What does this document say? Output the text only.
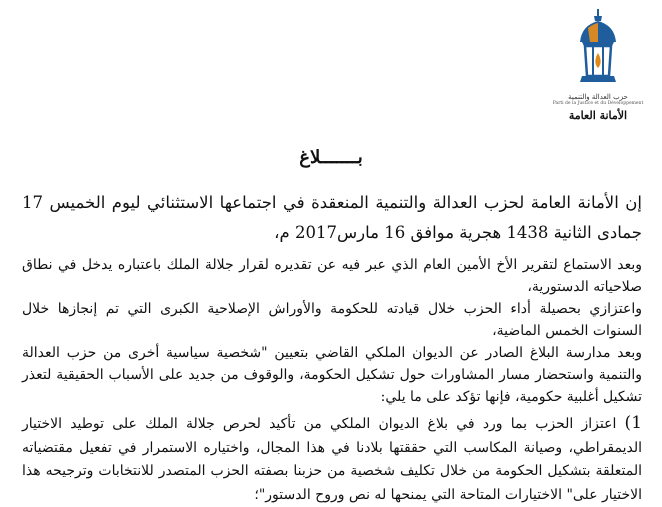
حزب العدالة والتنمية
Parti de la Justice et du Développement
الأمانة العامة
بـــــــلاغ

إن الأمانة العامة لحزب العدالة والتنمية المنعقدة في اجتماعها الاستثنائي ليوم الخميس 17 جمادى الثانية 1438 هجرية موافق 16 مارس2017 م،

وبعد الاستماع لتقرير الأخ الأمين العام الذي عبر فيه عن تقديره لقرار جلالة الملك باعتباره يدخل في نطاق صلاحياته الدستورية،

واعتزازي بحصيلة أداء الحزب خلال قيادته للحكومة والأوراش الإصلاحية الكبرى التي تم إنجازها خلال السنوات الخمس الماضية،

وبعد مدارسة البلاغ الصادر عن الديوان الملكي القاضي بتعيين "شخصية سياسية أخرى من حزب العدالة والتنمية واستحضار مسار المشاورات حول تشكيل الحكومة، والوقوف من جديد على الأسباب الحقيقية لتعذر تشكيل أغلبية حكومية، فإنها تؤكد على ما يلي:

1) اعتزاز الحزب بما ورد في بلاغ الديوان الملكي من تأكيد لحرص جلالة الملك على توطيد الاختيار الديمقراطي، وصيانة المكاسب التي حققتها بلادنا في هذا المجال، واختياره الاستمرار في تفعيل مقتضياته المتعلقة بتشكيل الحكومة من خلال تكليف شخصية من حزبنا بصفته الحزب المتصدر للانتخابات وترجيحه هذا الاختيار على" الاختيارات المتاحة التي يمنحها له نص وروح الدستور"؛
